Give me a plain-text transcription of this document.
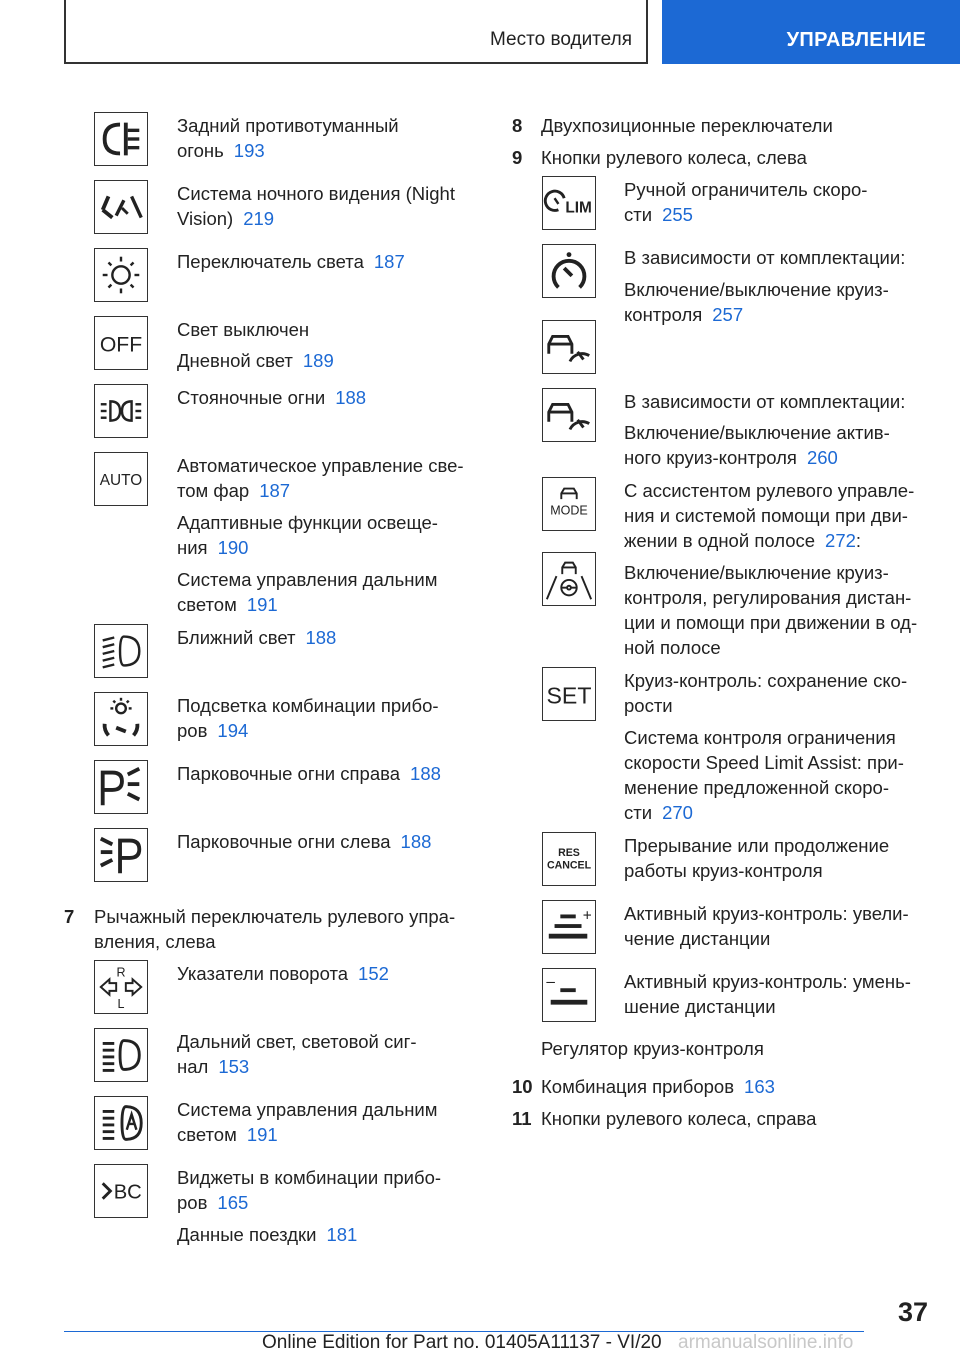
Место водителя	УПРАВЛЕНИЕ
Задний противотуманный
огонь 193
Система ночного видения (Night
Vision) 219
Переключатель света 187
OFF
Свет выключен
Дневной свет 189
Стояночные огни 188
AUTO
Автоматическое управление све-
том фар 187
Адаптивные функции освеще-
ния 190
Система управления дальним
светом 191
Ближний свет 188
Подсветка комбинации прибо-
ров 194
Парковочные огни справа 188
Парковочные огни слева 188
7 Рычажный переключатель рулевого упра-
вления, слева
R
L
Указатели поворота 152
Дальний свет, световой сиг-
нал 153
Система управления дальним
светом 191
BC
Виджеты в комбинации прибо-
ров 165
Данные поездки 181
8 Двухпозиционные переключатели
9 Кнопки рулевого колеса, слева
LIM
Ручной ограничитель скоро-
сти 255
В зависимости от комплектации:
Включение/выключение круиз-
контроля 257
В зависимости от комплектации:
Включение/выключение актив-
ного круиз-контроля 260
MODE
С ассистентом рулевого управле-
ния и системой помощи при дви-
жении в одной полосе 272:
Включение/выключение круиз-
контроля, регулирования дистан-
ции и помощи при движении в од-
ной полосе
SET
Круиз-контроль: сохранение ско-
рости
Система контроля ограничения
скорости Speed Limit Assist: при-
менение предложенной скоро-
сти 270
RES
CANCEL
Прерывание или продолжение
работы круиз-контроля
+ Активный круиз-контроль: увели-
чение дистанции
–	Активный круиз-контроль: умень-
шение дистанции
Регулятор круиз-контроля
10 Комбинация приборов 163
11 Кнопки рулевого колеса, справа
37
Online Edition for Part no. 01405A11137 - VI/20 armanualsonline.info
